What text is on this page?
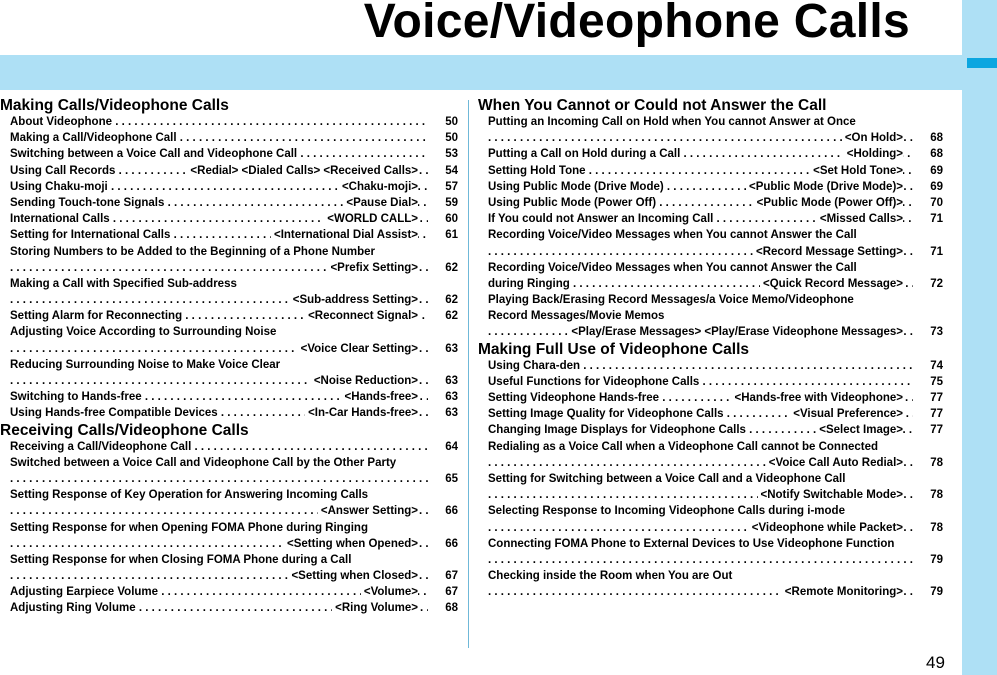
Voice/Videophone Calls
Making Calls/Videophone Calls
About Videophone . . .	50
Making a Call/Videophone Call . . .	50
Switching between a Voice Call and Videophone Call . . .	53
Using Call Records . . .	<Redial> <Dialed Calls> <Received Calls> 54
Using Chaku-moji . . .	<Chaku-moji> 57
Sending Touch-tone Signals . . .	<Pause Dial> 59
International Calls . . .	<WORLD CALL> 60
Setting for International Calls . . .	<International Dial Assist> 61
Storing Numbers to be Added to the Beginning of a Phone Number
. . .
<Prefix Setting> 62
Making a Call with Specified Sub-address
. . .
<Sub-address Setting> 62
Setting Alarm for Reconnecting . . .	<Reconnect Signal> 62
Adjusting Voice According to Surrounding Noise
. . .
<Voice Clear Setting> 63
Reducing Surrounding Noise to Make Voice Clear
. . .
<Noise Reduction> 63
Switching to Hands-free . . .	<Hands-free> 63
Using Hands-free Compatible Devices . . .	<In-Car Hands-free> 63
Receiving Calls/Videophone Calls
Receiving a Call/Videophone Call . . .	64
Switched between a Voice Call and Videophone Call by the Other Party
. . .
65
Setting Response of Key Operation for Answering Incoming Calls
. . .
<Answer Setting> 66
Setting Response for when Opening FOMA Phone during Ringing
. . .
<Setting when Opened> 66
Setting Response for when Closing FOMA Phone during a Call
. . .
<Setting when Closed> 67
Adjusting Earpiece Volume . . .	<Volume> 67
Adjusting Ring Volume . . .	<Ring Volume> 68
When You Cannot or Could not Answer the Call
Putting an Incoming Call on Hold when You cannot Answer at Once
. . .
<On Hold> 68
Putting a Call on Hold during a Call . . .	<Holding> 68
Setting Hold Tone . . .	<Set Hold Tone> 69
Using Public Mode (Drive Mode) . . .	<Public Mode (Drive Mode)> 69
Using Public Mode (Power Off) . . .	<Public Mode (Power Off)> 70
If You could not Answer an Incoming Call . . .	<Missed Calls> 71
Recording Voice/Video Messages when You cannot Answer the Call
. . .
<Record Message Setting> 71
Recording Voice/Video Messages when You cannot Answer the Call
during Ringing . . .	<Quick Record Message> 72
Playing Back/Erasing Record Messages/a Voice Memo/Videophone
Record Messages/Movie Memos
. . .
<Play/Erase Messages> <Play/Erase Videophone Messages> 73
Making Full Use of Videophone Calls
Using Chara-den . . .	74
Useful Functions for Videophone Calls . . .	75
Setting Videophone Hands-free . . .	<Hands-free with Videophone> 77
Setting Image Quality for Videophone Calls . . .	<Visual Preference> 77
Changing Image Displays for Videophone Calls . . .	<Select Image> 77
Redialing as a Voice Call when a Videophone Call cannot be Connected
. . .
<Voice Call Auto Redial> 78
Setting for Switching between a Voice Call and a Videophone Call
. . .
<Notify Switchable Mode> 78
Selecting Response to Incoming Videophone Calls during i-mode
. . .
<Videophone while Packet> 78
Connecting FOMA Phone to External Devices to Use Videophone Function
. . .
79
Checking inside the Room when You are Out
. . .
<Remote Monitoring> 79
49
